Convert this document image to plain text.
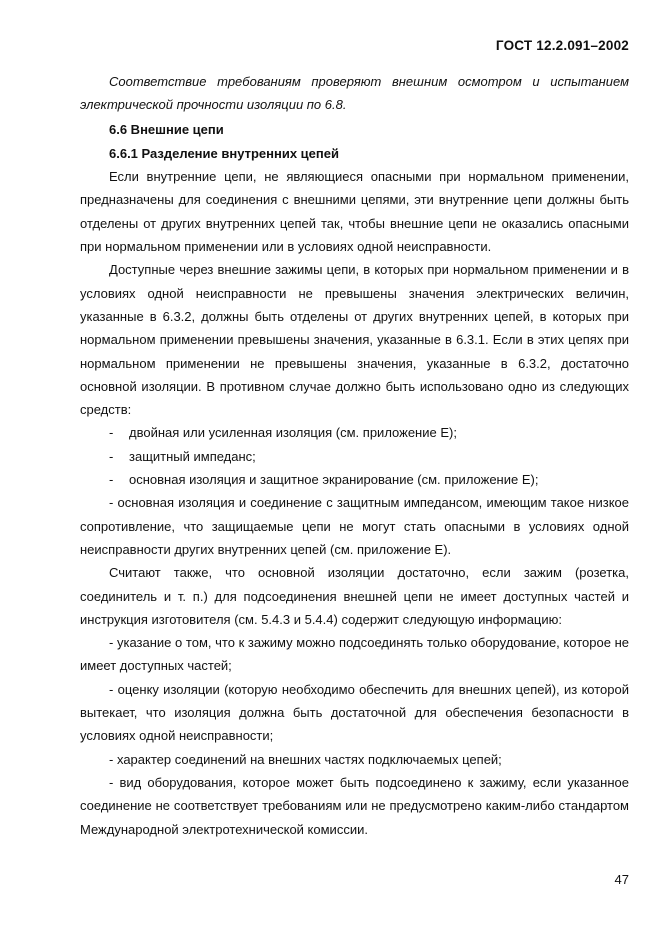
ГОСТ 12.2.091–2002

Соответствие требованиям проверяют внешним осмотром и испытанием электрической прочности изоляции по 6.8.

6.6 Внешние цепи
6.6.1 Разделение внутренних цепей

Если внутренние цепи, не являющиеся опасными при нормальном применении, предназначены для соединения с внешними цепями, эти внутренние цепи должны быть отделены от других внутренних цепей так, чтобы внешние цепи не оказались опасными при нормальном применении или в условиях одной неисправности.

Доступные через внешние зажимы цепи, в которых при нормальном применении и в условиях одной неисправности не превышены значения электрических величин, указанные в 6.3.2, должны быть отделены от других внутренних цепей, в которых при нормальном применении превышены значения, указанные в 6.3.1. Если в этих цепях при нормальном применении не превышены значения, указанные в 6.3.2, достаточно основной изоляции. В противном случае должно быть использовано одно из следующих средств:

- двойная или усиленная изоляция (см. приложение Е);

- защитный импеданс;

- основная изоляция и защитное экранирование (см. приложение Е);

- основная изоляция и соединение с защитным импедансом, имеющим такое низкое сопротивление, что защищаемые цепи не могут стать опасными в условиях одной неисправности других внутренних цепей (см. приложение Е).

Считают также, что основной изоляции достаточно, если зажим (розетка, соединитель и т. п.) для подсоединения внешней цепи не имеет доступных частей и инструкция изготовителя (см. 5.4.3 и 5.4.4) содержит следующую информацию:

- указание о том, что к зажиму можно подсоединять только оборудование, которое не имеет доступных частей;

- оценку изоляции (которую необходимо обеспечить для внешних цепей), из которой вытекает, что изоляция должна быть достаточной для обеспечения безопасности в условиях одной неисправности;

- характер соединений на внешних частях подключаемых цепей;

- вид оборудования, которое может быть подсоединено к зажиму, если указанное соединение не соответствует требованиям или не предусмотрено каким-либо стандартом Международной электротехнической комиссии.

47
